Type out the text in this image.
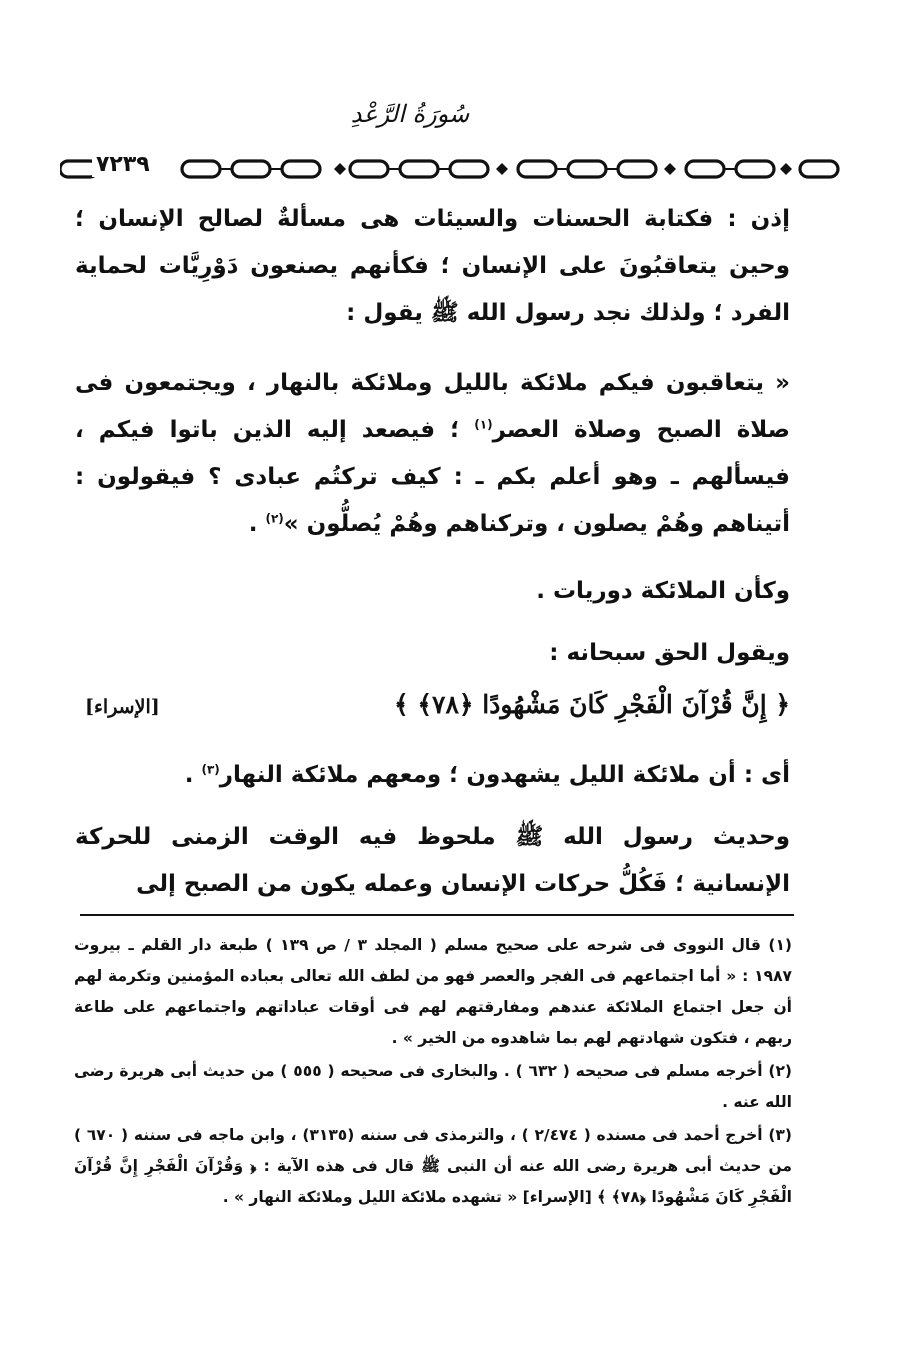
سُورَةُ الرَّعْدِ
٧٢٣٩

إذن : فكتابة الحسنات والسيئات هى مسألةٌ لصالح الإنسان ؛ وحين يتعاقبُونَ على الإنسان ؛ فكأنهم يصنعون دَوْرِيَّات لحماية الفرد ؛ ولذلك نجد رسول الله ﷺ يقول :

« يتعاقبون فيكم ملائكة بالليل وملائكة بالنهار ، ويجتمعون فى صلاة الصبح وصلاة العصر$^{(١)}$ ؛ فيصعد إليه الذين باتوا فيكم ، فيسألهم ـ وهو أعلم بكم ـ : كيف تركتُم عبادى ؟ فيقولون : أتيناهم وهُمْ يصلون ، وتركناهم وهُمْ يُصلُّون »$^{(٢)}$ .

وكأن الملائكة دوريات .

ويقول الحق سبحانه :

﴿ إِنَّ قُرْآنَ الْفَجْرِ كَانَ مَشْهُودًا ﴿٧٨﴾ ﴾
[الإسراء]

أى : أن ملائكة الليل يشهدون ؛ ومعهم ملائكة النهار$^{(٣)}$ .

وحديث رسول الله ﷺ ملحوظ فيه الوقت الزمنى للحركة الإنسانية ؛ فَكُلُّ حركات الإنسان وعمله يكون من الصبح إلى

(١) قال النووى فى شرحه على صحيح مسلم ( المجلد ٣ / ص ١٣٩ ) طبعة دار القلم ـ بيروت ١٩٨٧ : « أما اجتماعهم فى الفجر والعصر فهو من لطف الله تعالى بعباده المؤمنين وتكرمة لهم أن جعل اجتماع الملائكة عندهم ومفارقتهم لهم فى أوقات عباداتهم واجتماعهم على طاعة ربهم ، فتكون شهادتهم لهم بما شاهدوه من الخير » .

(٢) أخرجه مسلم فى صحيحه ( ٦٣٢ ) . والبخارى فى صحيحه ( ٥٥٥ ) من حديث أبى هريرة رضى الله عنه .

(٣) أخرج أحمد فى مسنده ( ٢/٤٧٤ ) ، والترمذى فى سننه (٣١٣٥) ، وابن ماجه فى سننه ( ٦٧٠ ) من حديث أبى هريرة رضى الله عنه أن النبى ﷺ قال فى هذه الآية : ﴿ وَقُرْآنَ الْفَجْرِ إِنَّ قُرْآنَ الْفَجْرِ كَانَ مَشْهُودًا ﴿٧٨﴾ ﴾ [الإسراء] « تشهده ملائكة الليل وملائكة النهار » .
